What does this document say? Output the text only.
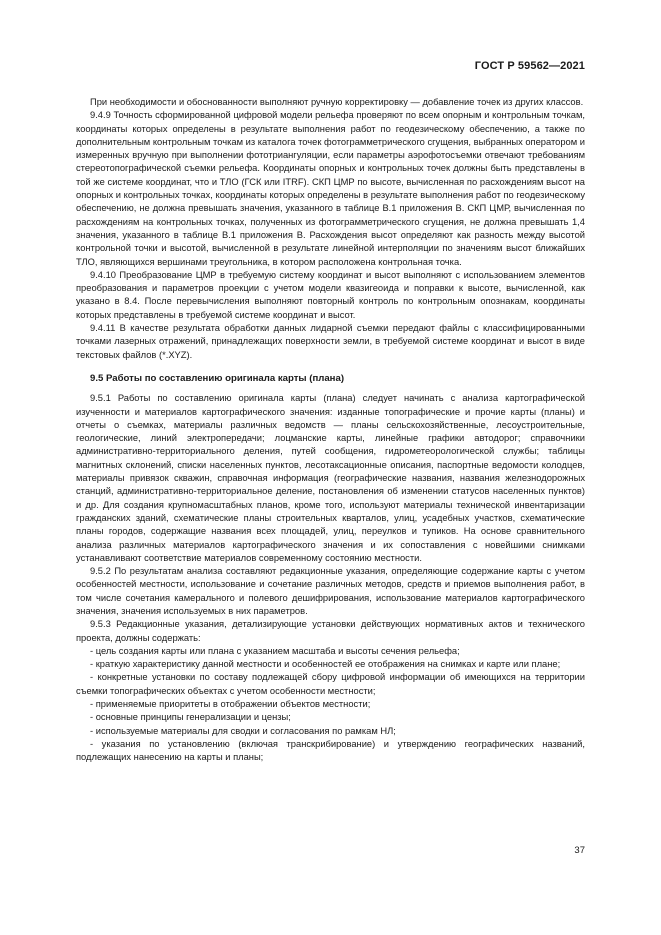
ГОСТ Р 59562—2021

При необходимости и обоснованности выполняют ручную корректировку — добавление точек из других классов.

9.4.9 Точность сформированной цифровой модели рельефа проверяют по всем опорным и контрольным точкам, координаты которых определены в результате выполнения работ по геодезическому обеспечению, а также по дополнительным контрольным точкам из каталога точек фотограмметрического сгущения, выбранных оператором и измеренных вручную при выполнении фототриангуляции, если параметры аэрофотосъемки отвечают требованиям стереотопографической съемки рельефа. Координаты опорных и контрольных точек должны быть представлены в той же системе координат, что и ТЛО (ГСК или ITRF). СКП ЦМР по высоте, вычисленная по расхождениям высот на опорных и контрольных точках, координаты которых определены в результате выполнения работ по геодезическому обеспечению, не должна превышать значения, указанного в таблице В.1 приложения В. СКП ЦМР, вычисленная по расхождениям на контрольных точках, полученных из фотограмметрического сгущения, не должна превышать 1,4 значения, указанного в таблице В.1 приложения В. Расхождения высот определяют как разность между высотой контрольной точки и высотой, вычисленной в результате линейной интерполяции по значениям высот ближайших ТЛО, являющихся вершинами треугольника, в котором расположена контрольная точка.

9.4.10 Преобразование ЦМР в требуемую систему координат и высот выполняют с использованием элементов преобразования и параметров проекции с учетом модели квазигеоида и поправки к высоте, вычисленной, как указано в 8.4. После перевычисления выполняют повторный контроль по контрольным опознакам, координаты которых представлены в требуемой системе координат и высот.

9.4.11 В качестве результата обработки данных лидарной съемки передают файлы с классифицированными точками лазерных отражений, принадлежащих поверхности земли, в требуемой системе координат и высот в виде текстовых файлов (*.XYZ).

9.5 Работы по составлению оригинала карты (плана)

9.5.1 Работы по составлению оригинала карты (плана) следует начинать с анализа картографической изученности и материалов картографического значения: изданные топографические и прочие карты (планы) и отчеты о съемках, материалы различных ведомств — планы сельскохозяйственные, лесоустроительные, геологические, линий электропередачи; лоцманские карты, линейные графики автодорог; справочники административно-территориального деления, путей сообщения, гидрометеорологической службы; таблицы магнитных склонений, списки населенных пунктов, лесотаксационные описания, паспортные ведомости колодцев, материалы привязок скважин, справочная информация (географические названия, названия железнодорожных станций, административно-территориальное деление, постановления об изменении статусов населенных пунктов) и др. Для создания крупномасштабных планов, кроме того, используют материалы технической инвентаризации гражданских зданий, схематические планы строительных кварталов, улиц, усадебных участков, схематические планы городов, содержащие названия всех площадей, улиц, переулков и тупиков. На основе сравнительного анализа различных материалов картографического значения и их сопоставления с новейшими снимками устанавливают соответствие материалов современному состоянию местности.

9.5.2 По результатам анализа составляют редакционные указания, определяющие содержание карты с учетом особенностей местности, использование и сочетание различных методов, средств и приемов выполнения работ, в том числе сочетания камерального и полевого дешифрирования, использование материалов картографического значения, значения используемых в них параметров.

9.5.3 Редакционные указания, детализирующие установки действующих нормативных актов и технического проекта, должны содержать:

- цель создания карты или плана с указанием масштаба и высоты сечения рельефа;

- краткую характеристику данной местности и особенностей ее отображения на снимках и карте или плане;

- конкретные установки по составу подлежащей сбору цифровой информации об имеющихся на территории съемки топографических объектах с учетом особенности местности;

- применяемые приоритеты в отображении объектов местности;

- основные принципы генерализации и цензы;

- используемые материалы для сводки и согласования по рамкам НЛ;

- указания по установлению (включая транскрибирование) и утверждению географических названий, подлежащих нанесению на карты и планы;

37
